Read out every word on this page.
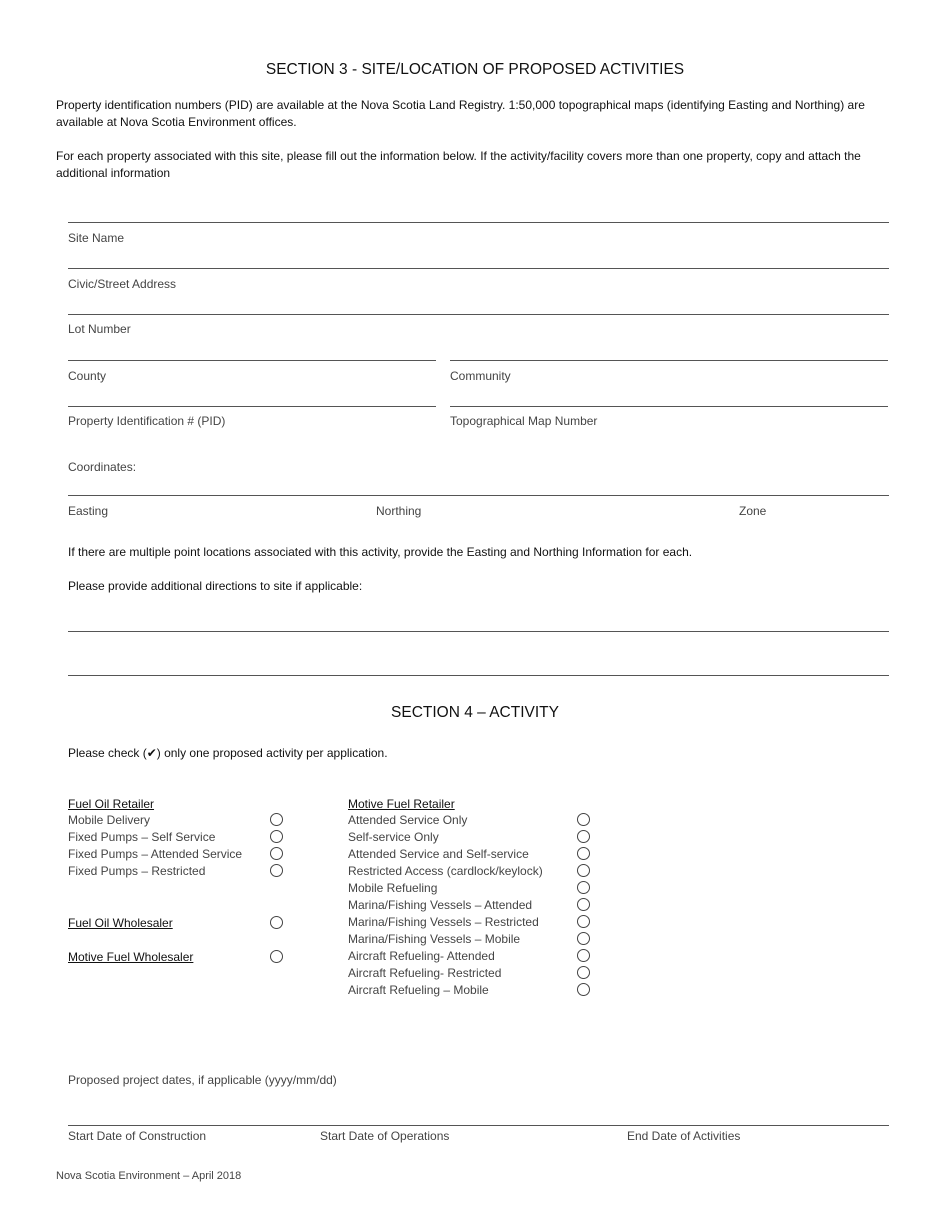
SECTION 3 - SITE/LOCATION OF PROPOSED ACTIVITIES
Property identification numbers (PID) are available at the Nova Scotia Land Registry. 1:50,000 topographical maps (identifying Easting and Northing) are available at Nova Scotia Environment offices.
For each property associated with this site, please fill out the information below. If the activity/facility covers more than one property, copy and attach the additional information
Site Name
Civic/Street Address
Lot Number
County	Community
Property Identification # (PID)	Topographical Map Number
Coordinates:
Easting	Northing	Zone
If there are multiple point locations associated with this activity, provide the Easting and Northing Information for each.
Please provide additional directions to site if applicable:
SECTION 4 – ACTIVITY
Please check (✔) only one proposed activity per application.
Fuel Oil Retailer
Mobile Delivery
Fixed Pumps – Self Service
Fixed Pumps – Attended Service
Fixed Pumps – Restricted
Fuel Oil Wholesaler
Motive Fuel Wholesaler
Motive Fuel Retailer
Attended Service Only
Self-service Only
Attended Service and Self-service
Restricted Access (cardlock/keylock)
Mobile Refueling
Marina/Fishing Vessels – Attended
Marina/Fishing Vessels – Restricted
Marina/Fishing Vessels – Mobile
Aircraft Refueling- Attended
Aircraft Refueling- Restricted
Aircraft Refueling – Mobile
Proposed project dates, if applicable (yyyy/mm/dd)
Start Date of Construction	Start Date of Operations	End Date of Activities
Nova Scotia Environment – April 2018
